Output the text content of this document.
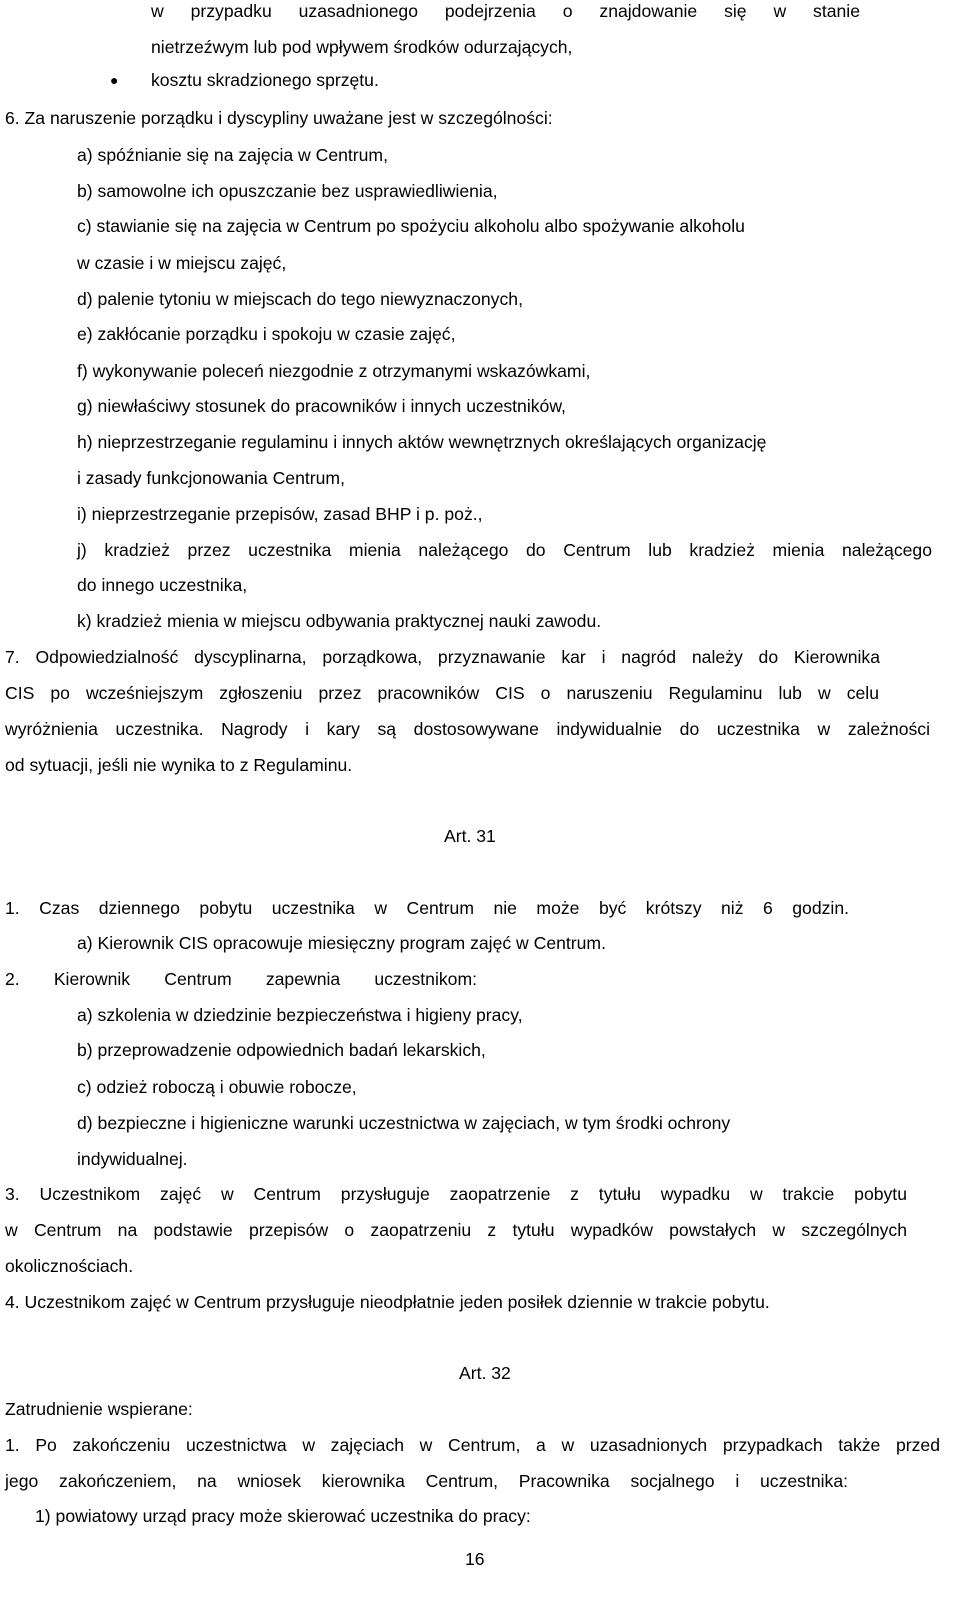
●
w przypadku uzasadnionego podejrzenia o znajdowanie się w stanie
nietrzeźwym lub pod wpływem środków odurzających,
kosztu skradzionego sprzętu.
6. Za naruszenie porządku i dyscypliny uważane jest w szczególności:
a) spóźnianie się na zajęcia w Centrum,
b) samowolne ich opuszczanie bez usprawiedliwienia,
c) stawianie się na zajęcia w Centrum po spożyciu alkoholu albo spożywanie alkoholu
w czasie i w miejscu zajęć,
d) palenie tytoniu w miejscach do tego niewyznaczonych,
e) zakłócanie porządku i spokoju w czasie zajęć,
f) wykonywanie poleceń niezgodnie z otrzymanymi wskazówkami,
g) niewłaściwy stosunek do pracowników i innych uczestników,
h) nieprzestrzeganie regulaminu i innych aktów wewnętrznych określających organizację
i zasady funkcjonowania Centrum,
i) nieprzestrzeganie przepisów, zasad BHP i p. poż.,
j) kradzież przez uczestnika mienia należącego do Centrum lub kradzież mienia należącego
do innego uczestnika,
k) kradzież mienia w miejscu odbywania praktycznej nauki zawodu.
7. Odpowiedzialność dyscyplinarna, porządkowa, przyznawanie kar i nagród należy do Kierownika
CIS po wcześniejszym zgłoszeniu przez pracowników CIS o naruszeniu Regulaminu lub w celu
wyróżnienia uczestnika. Nagrody i kary są dostosowywane indywidualnie do uczestnika w zależności
od sytuacji, jeśli nie wynika to z Regulaminu.
Art. 31
1. Czas dziennego pobytu uczestnika w Centrum nie może być krótszy niż 6 godzin.
a) Kierownik CIS opracowuje miesięczny program zajęć w Centrum.
2. Kierownik Centrum zapewnia uczestnikom:
a) szkolenia w dziedzinie bezpieczeństwa i higieny pracy,
b) przeprowadzenie odpowiednich badań lekarskich,
c) odzież roboczą i obuwie robocze,
d) bezpieczne i higieniczne warunki uczestnictwa w zajęciach, w tym środki ochrony
indywidualnej.
3. Uczestnikom zajęć w Centrum przysługuje zaopatrzenie z tytułu wypadku w trakcie pobytu
w Centrum na podstawie przepisów o zaopatrzeniu z tytułu wypadków powstałych w szczególnych
okolicznościach.
4. Uczestnikom zajęć w Centrum przysługuje nieodpłatnie jeden posiłek dziennie w trakcie pobytu.
Art. 32
Zatrudnienie wspierane:
1. Po zakończeniu uczestnictwa w zajęciach w Centrum, a w uzasadnionych przypadkach także przed
jego zakończeniem, na wniosek kierownika Centrum, Pracownika socjalnego i uczestnika:
1) powiatowy urząd pracy może skierować uczestnika do pracy:
16
